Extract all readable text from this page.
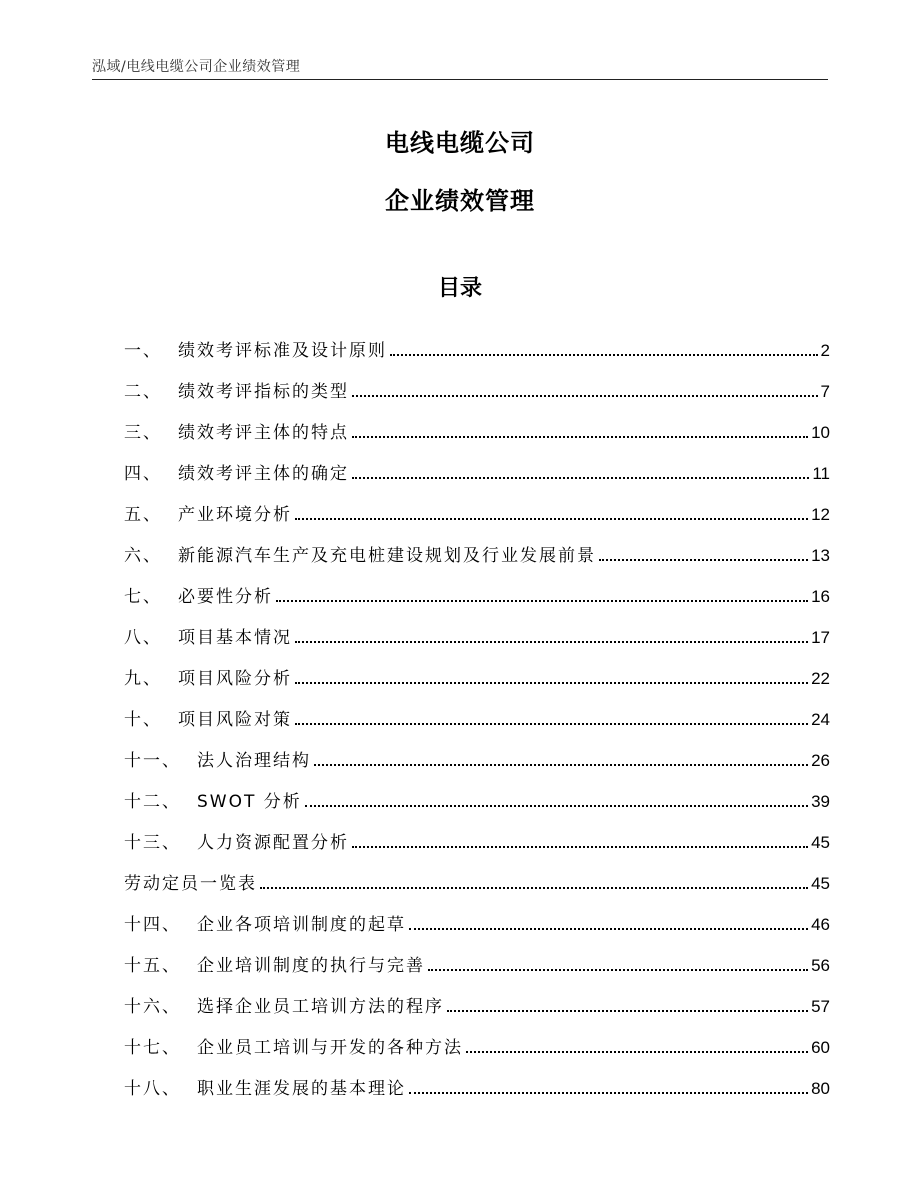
泓域/电线电缆公司企业绩效管理
电线电缆公司
企业绩效管理
目录
一 、 绩效考评标准及设计原则	2
二 、 绩效考评指标的类型	7
三 、 绩效考评主体的特点	10
四 、 绩效考评主体的确定	11
五 、 产业环境分析	12
六 、 新能源汽车生产及充电桩建设规划及行业发展前景	13
七 、 必要性分析	16
八 、 项目基本情况	17
九 、 项目风险分析	22
十 、 项目风险对策	24
十一 、 法人治理结构	26
十二 、 SWOT 分析	39
十三 、 人力资源配置分析	45
劳动定员一览表	45
十四 、 企业各项培训制度的起草	46
十五 、 企业培训制度的执行与完善	56
十六 、 选择企业员工培训方法的程序	57
十七 、 企业员工培训与开发的各种方法	60
十八 、 职业生涯发展的基本理论	80
